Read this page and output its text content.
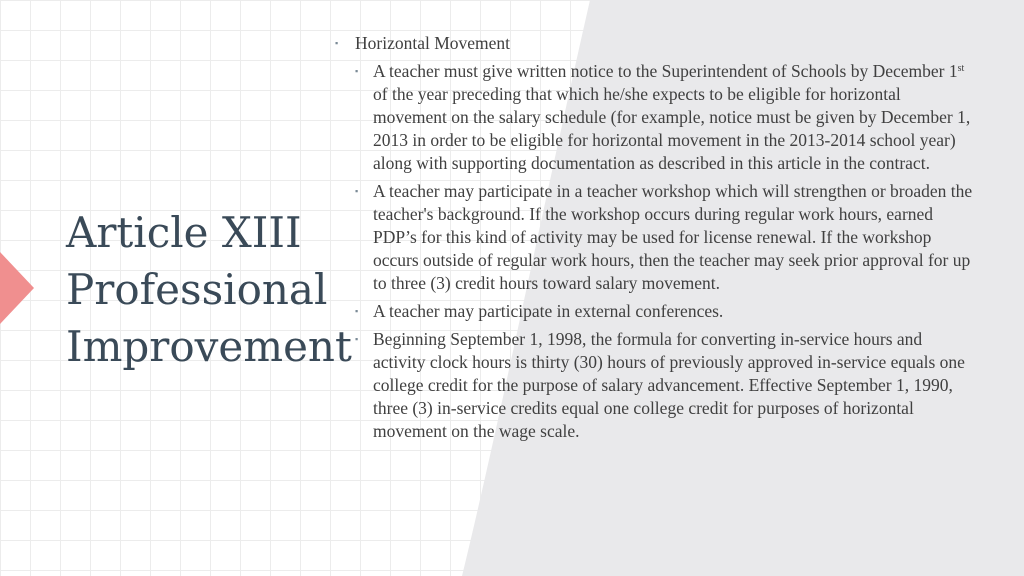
Article XIII
Professional
Improvement
▪ Horizontal Movement
▪ A teacher must give written notice to the Superintendent of Schools by December 1st of the year preceding that which he/she expects to be eligible for horizontal movement on the salary schedule (for example, notice must be given by December 1, 2013 in order to be eligible for horizontal movement in the 2013-2014 school year) along with supporting documentation as described in this article in the contract.
▪ A teacher may participate in a teacher workshop which will strengthen or broaden the teacher's background. If the workshop occurs during regular work hours, earned PDP’s for this kind of activity may be used for license renewal. If the workshop occurs outside of regular work hours, then the teacher may seek prior approval for up to three (3) credit hours toward salary movement.
▪ A teacher may participate in external conferences.
▪ Beginning September 1, 1998, the formula for converting in-service hours and activity clock hours is thirty (30) hours of previously approved in-service equals one college credit for the purpose of salary advancement. Effective September 1, 1990, three (3) in-service credits equal one college credit for purposes of horizontal movement on the wage scale.
